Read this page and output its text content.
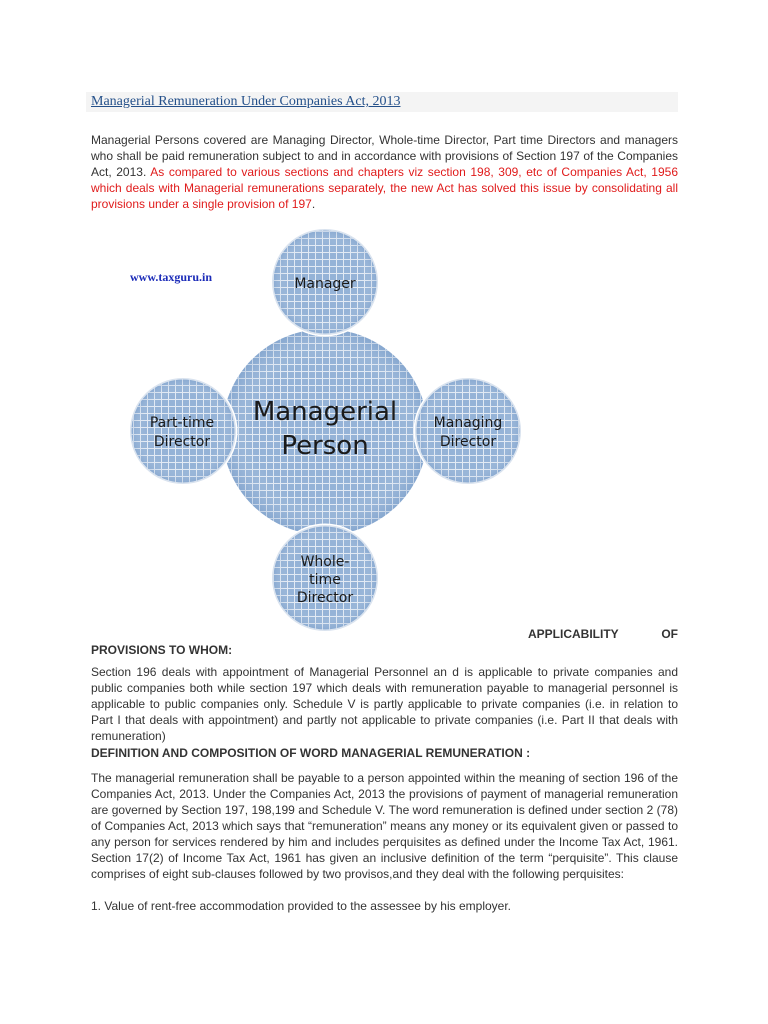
Managerial Remuneration Under Companies Act, 2013

Managerial Persons covered are Managing Director, Whole-time Director, Part time Directors and managers who shall be paid remuneration subject to and in accordance with provisions of Section 197 of the Companies Act, 2013. As compared to various sections and chapters viz section 198, 309, etc of Companies Act, 1956 which deals with Managerial remunerations separately, the new Act has solved this issue by consolidating all provisions under a single provision of 197.

www.taxguru.in
Managerial
Person
Manager
Managing
Director
Whole-
time
Director
Part-time
Director
APPLICABILITY	OF
PROVISIONS TO WHOM:

Section 196 deals with appointment of Managerial Personnel an d is applicable to private companies and public companies both while section 197 which deals with remuneration payable to managerial personnel is applicable to public companies only. Schedule V is partly applicable to private companies (i.e. in relation to Part I that deals with appointment) and partly not applicable to private companies (i.e. Part II that deals with remuneration)

DEFINITION AND COMPOSITION OF WORD MANAGERIAL REMUNERATION :

The managerial remuneration shall be payable to a person appointed within the meaning of section 196 of the Companies Act, 2013. Under the Companies Act, 2013 the provisions of payment of managerial remuneration are governed by Section 197, 198,199 and Schedule V. The word remuneration is defined under section 2 (78) of Companies Act, 2013 which says that “remuneration” means any money or its equivalent given or passed to any person for services rendered by him and includes perquisites as defined under the Income Tax Act, 1961. Section 17(2) of Income Tax Act, 1961 has given an inclusive definition of the term “perquisite”. This clause comprises of eight sub-clauses followed by two provisos,and they deal with the following perquisites:

1. Value of rent-free accommodation provided to the assessee by his employer.
